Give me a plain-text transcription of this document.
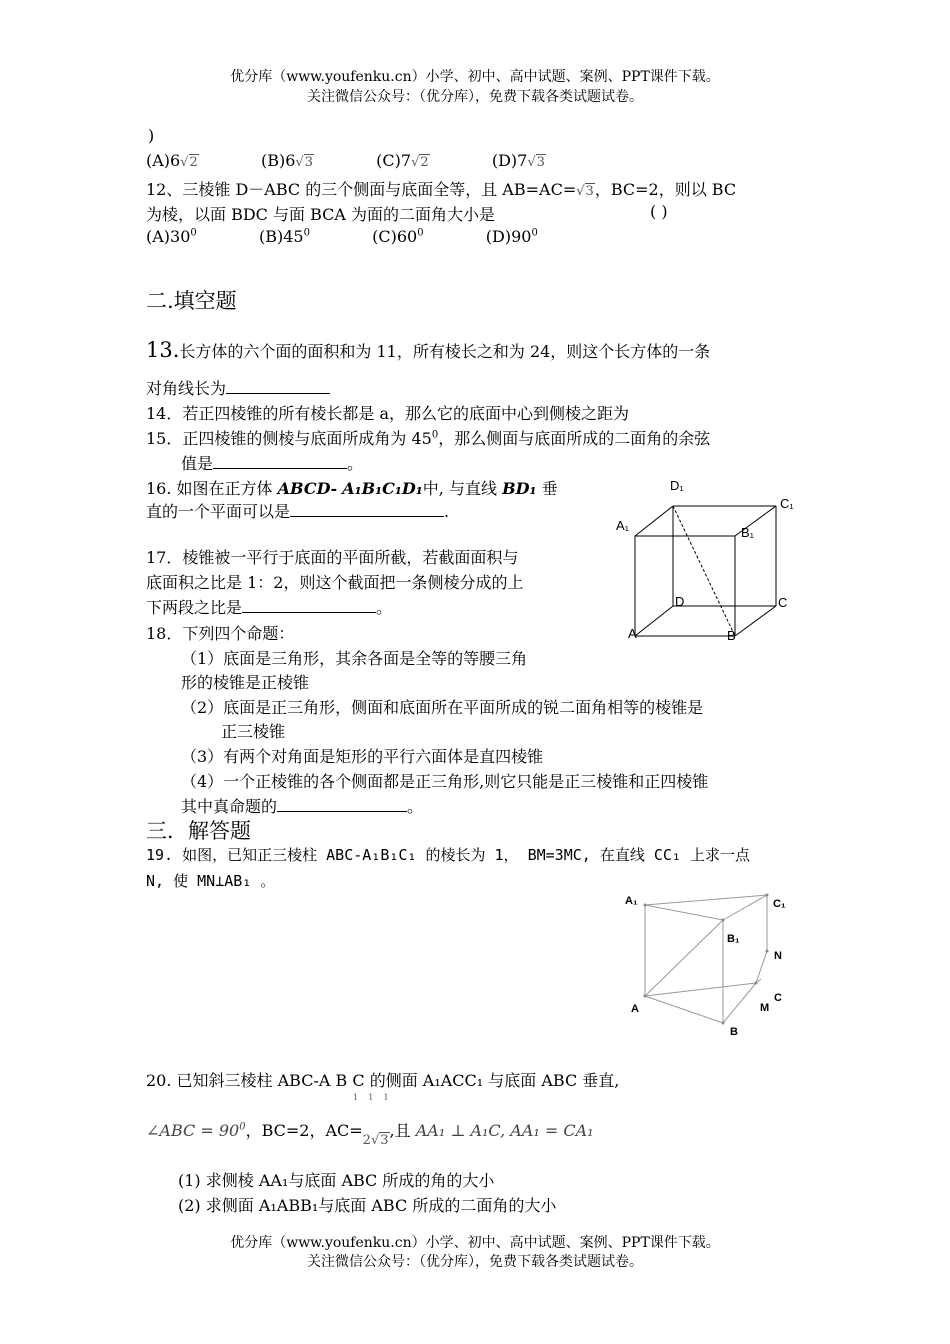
优分库（www.youfenku.cn）小学、初中、高中试题、案例、PPT课件下载。
关注微信公众号：（优分库），免费下载各类试题试卷。
)
(A)6√2	(B)6√3	(C)7√2	(D)7√3
12、三棱锥 D－ABC 的三个侧面与底面全等，且 AB=AC=√3，BC=2，则以 BC
为棱，以面 BDC 与面 BCA 为面的二面角大小是	( )
$(A)30^0$	$(B)45^0$	$(C)60^0$	$(D)90^0$
二.填空题
13.长方体的六个面的面积和为 11，所有棱长之和为 24，则这个长方体的一条
对角线长为
14．若正四棱锥的所有棱长都是 a，那么它的底面中心到侧棱之距为
15．正四棱锥的侧棱与底面所成角为 $45^0$，那么侧面与底面所成的二面角的余弦
值是	。
16. 如图在正方体 ABCD- A₁B₁C₁D₁中, 与直线 BD₁ 垂
直的一个平面可以是	.
17．棱锥被一平行于底面的平面所截，若截面面积与
底面积之比是 1：2，则这个截面把一条侧棱分成的上
下两段之比是	。
18．下列四个命题：
（1）底面是三角形，其余各面是全等的等腰三角
形的棱锥是正棱锥
（2）底面是正三角形，侧面和底面所在平面所成的锐二面角相等的棱锥是
正三棱锥
（3）有两个对角面是矩形的平行六面体是直四棱锥
（4）一个正棱锥的各个侧面都是正三角形,则它只能是正三棱锥和正四棱锥
其中真命题的	。
三．解答题
19. 如图，已知正三棱柱 ABC-A₁B₁C₁ 的棱长为 1， BM=3MC, 在直线 CC₁ 上求一点
N, 使 MN⊥AB₁ 。
20. 已知斜三棱柱 ABC-A B C 的侧面 A₁ACC₁ 与底面 ABC 垂直,
1    1    1
∠ABC = $90^0$，BC=2，AC=2√3,且 AA₁ ⊥ A₁C, AA₁ = CA₁
(1) 求侧棱 AA₁与底面 ABC 所成的角的大小
(2) 求侧面 A₁ABB₁与底面 ABC 所成的二面角的大小
D₁
C₁
A₁	B₁
D	C
A	B
A₁	C₁
B₁
N
C
M
A
B
优分库（www.youfenku.cn）小学、初中、高中试题、案例、PPT课件下载。
关注微信公众号：（优分库），免费下载各类试题试卷。
